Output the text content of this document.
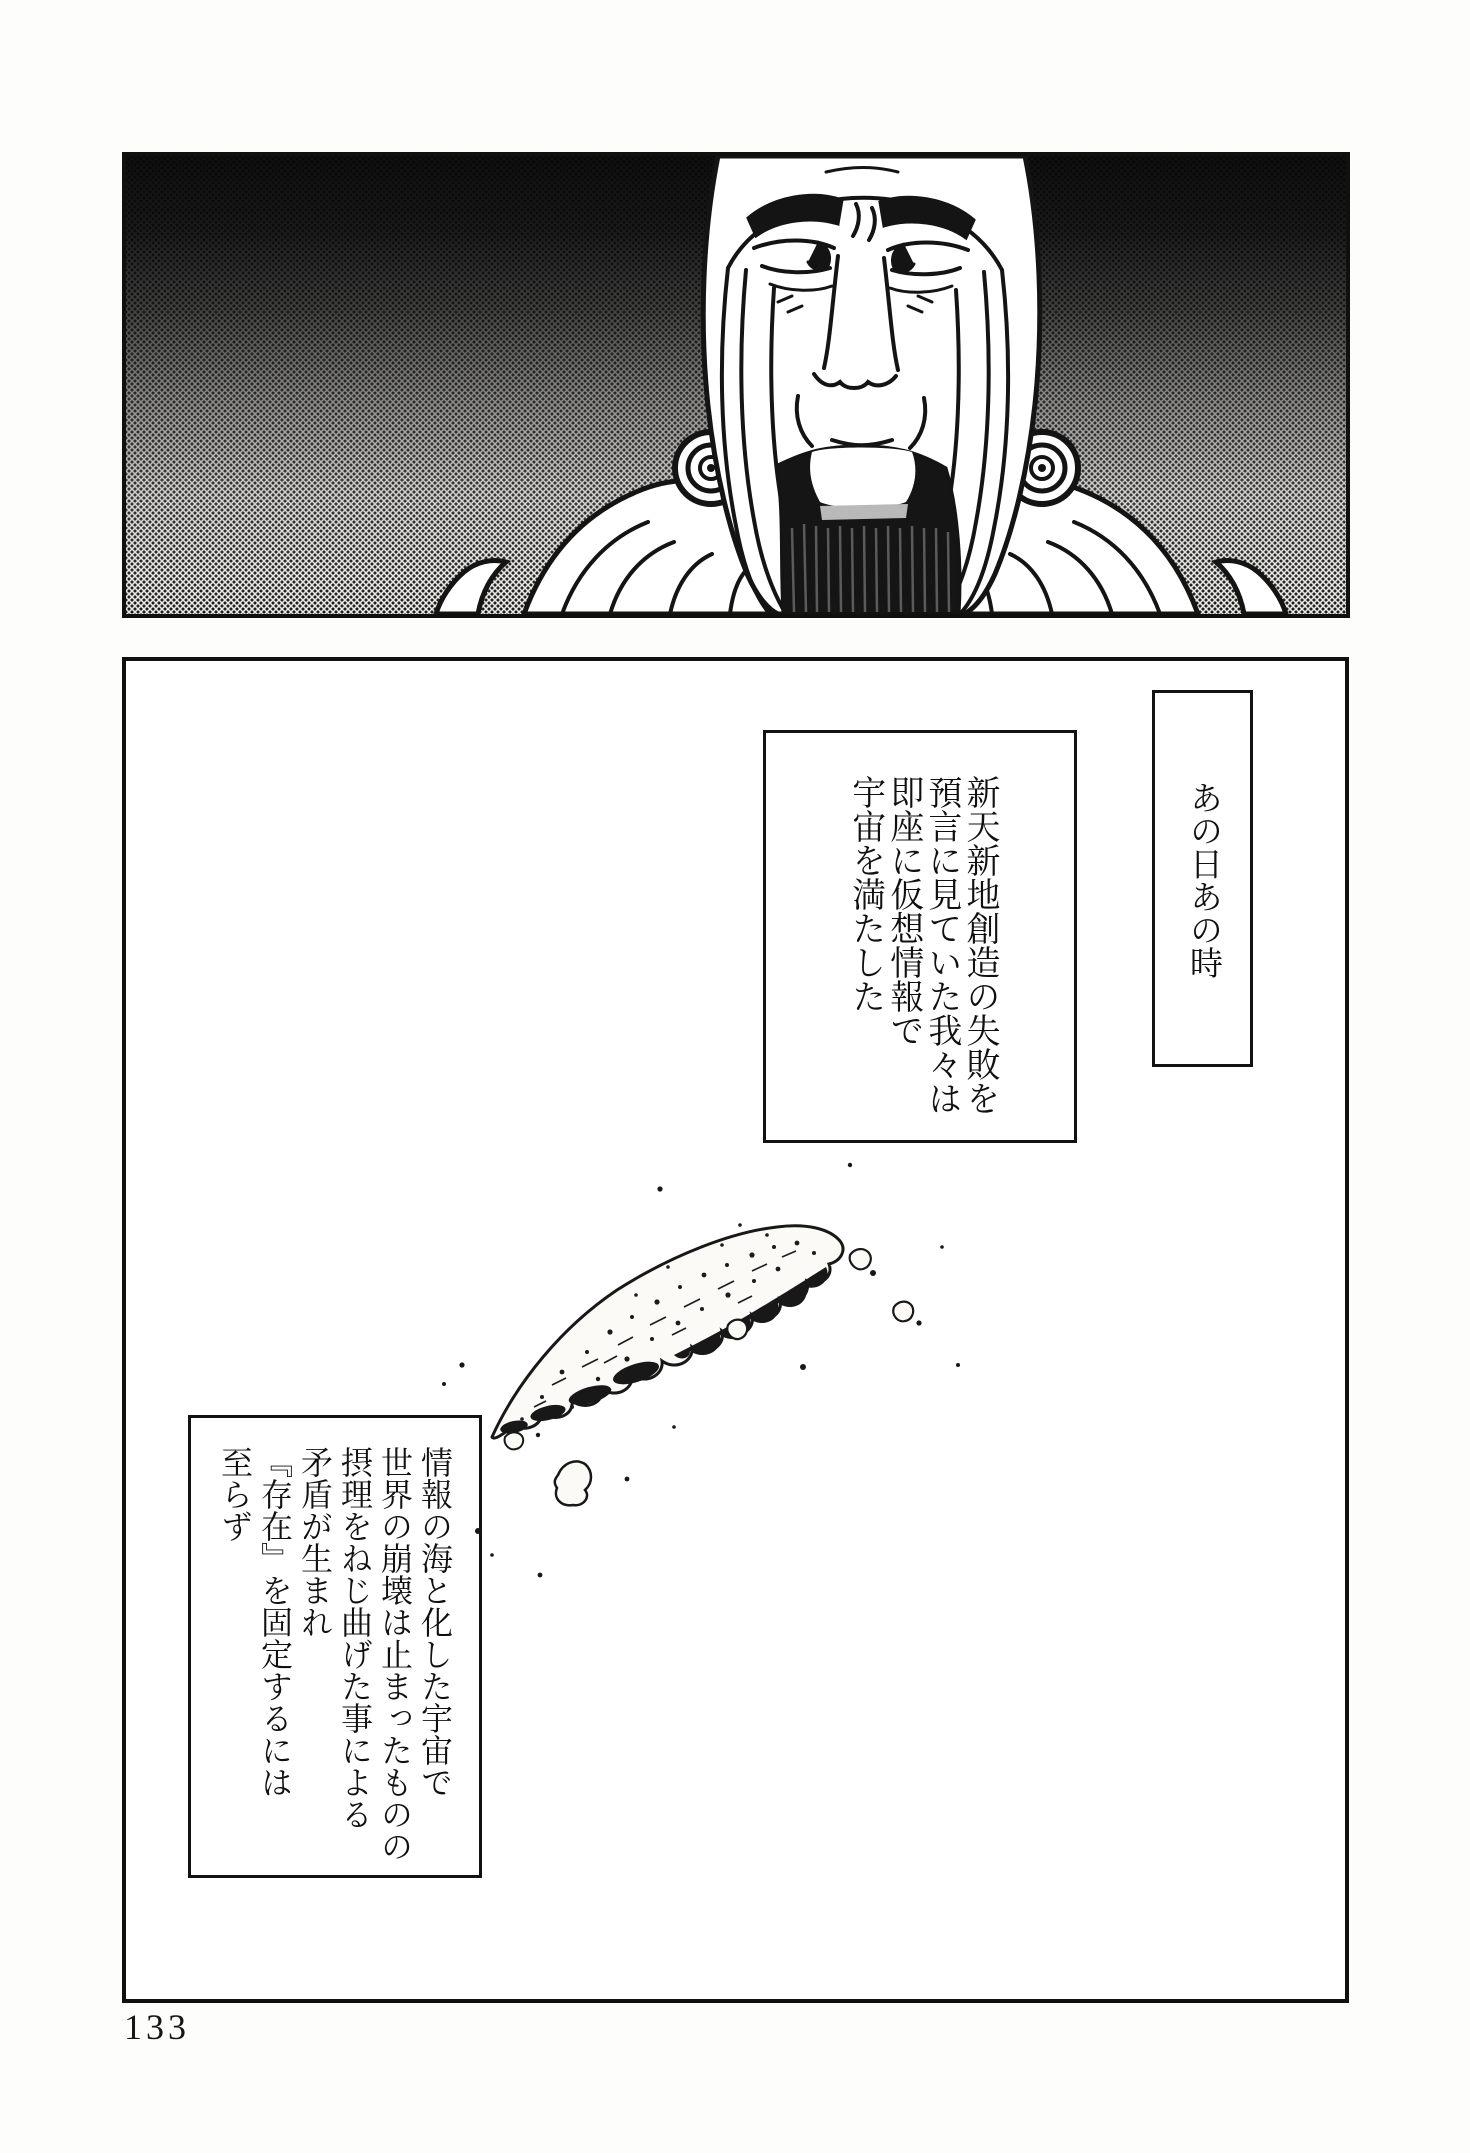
あの日あの時
新天新地創造の失敗を
預言に見ていた我々は
即座に仮想情報で
宇宙を満たした
情報の海と化した宇宙で
世界の崩壊は止まったものの
摂理をねじ曲げた事による
矛盾が生まれ
『存在』を固定するには
至らず
133
